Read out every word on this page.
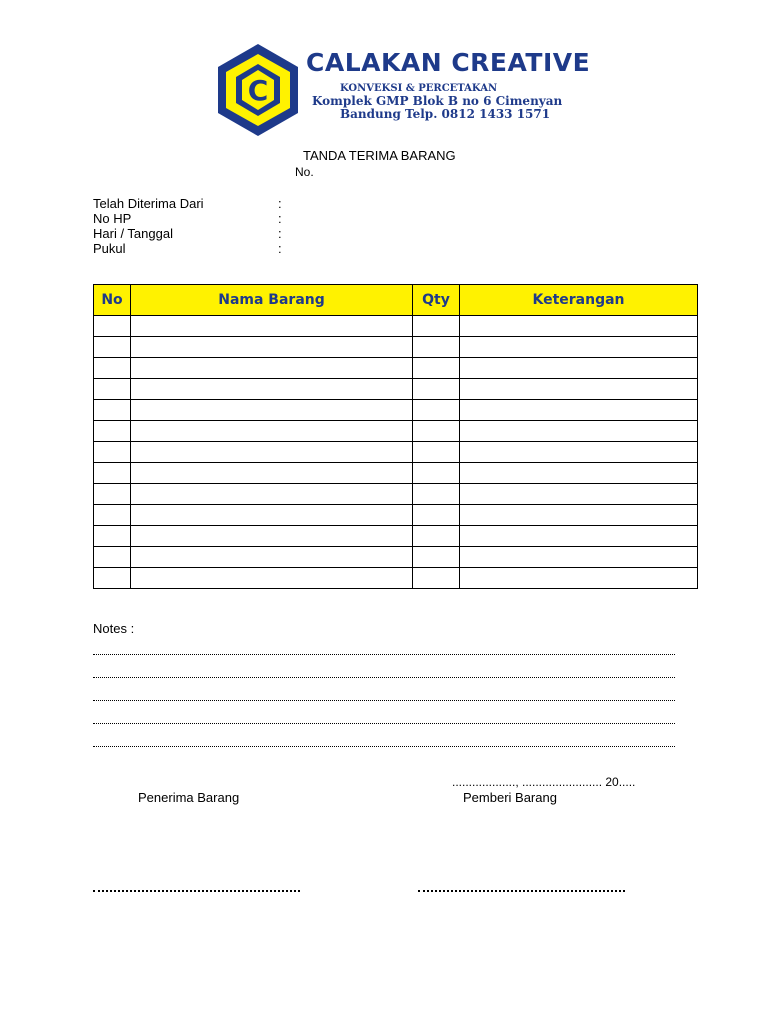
C
CALAKAN CREATIVE
KONVEKSI & PERCETAKAN
Komplek GMP Blok B no 6 Cimenyan
Bandung Telp. 0812 1433 1571
TANDA TERIMA BARANG
No.
Telah Diterima Dari	:
No HP	:
Hari / Tanggal	:
Pukul	:
No	Nama Barang	Qty	Keterangan

Notes :
..................., ........................ 20.....
Penerima Barang	Pemberi Barang
